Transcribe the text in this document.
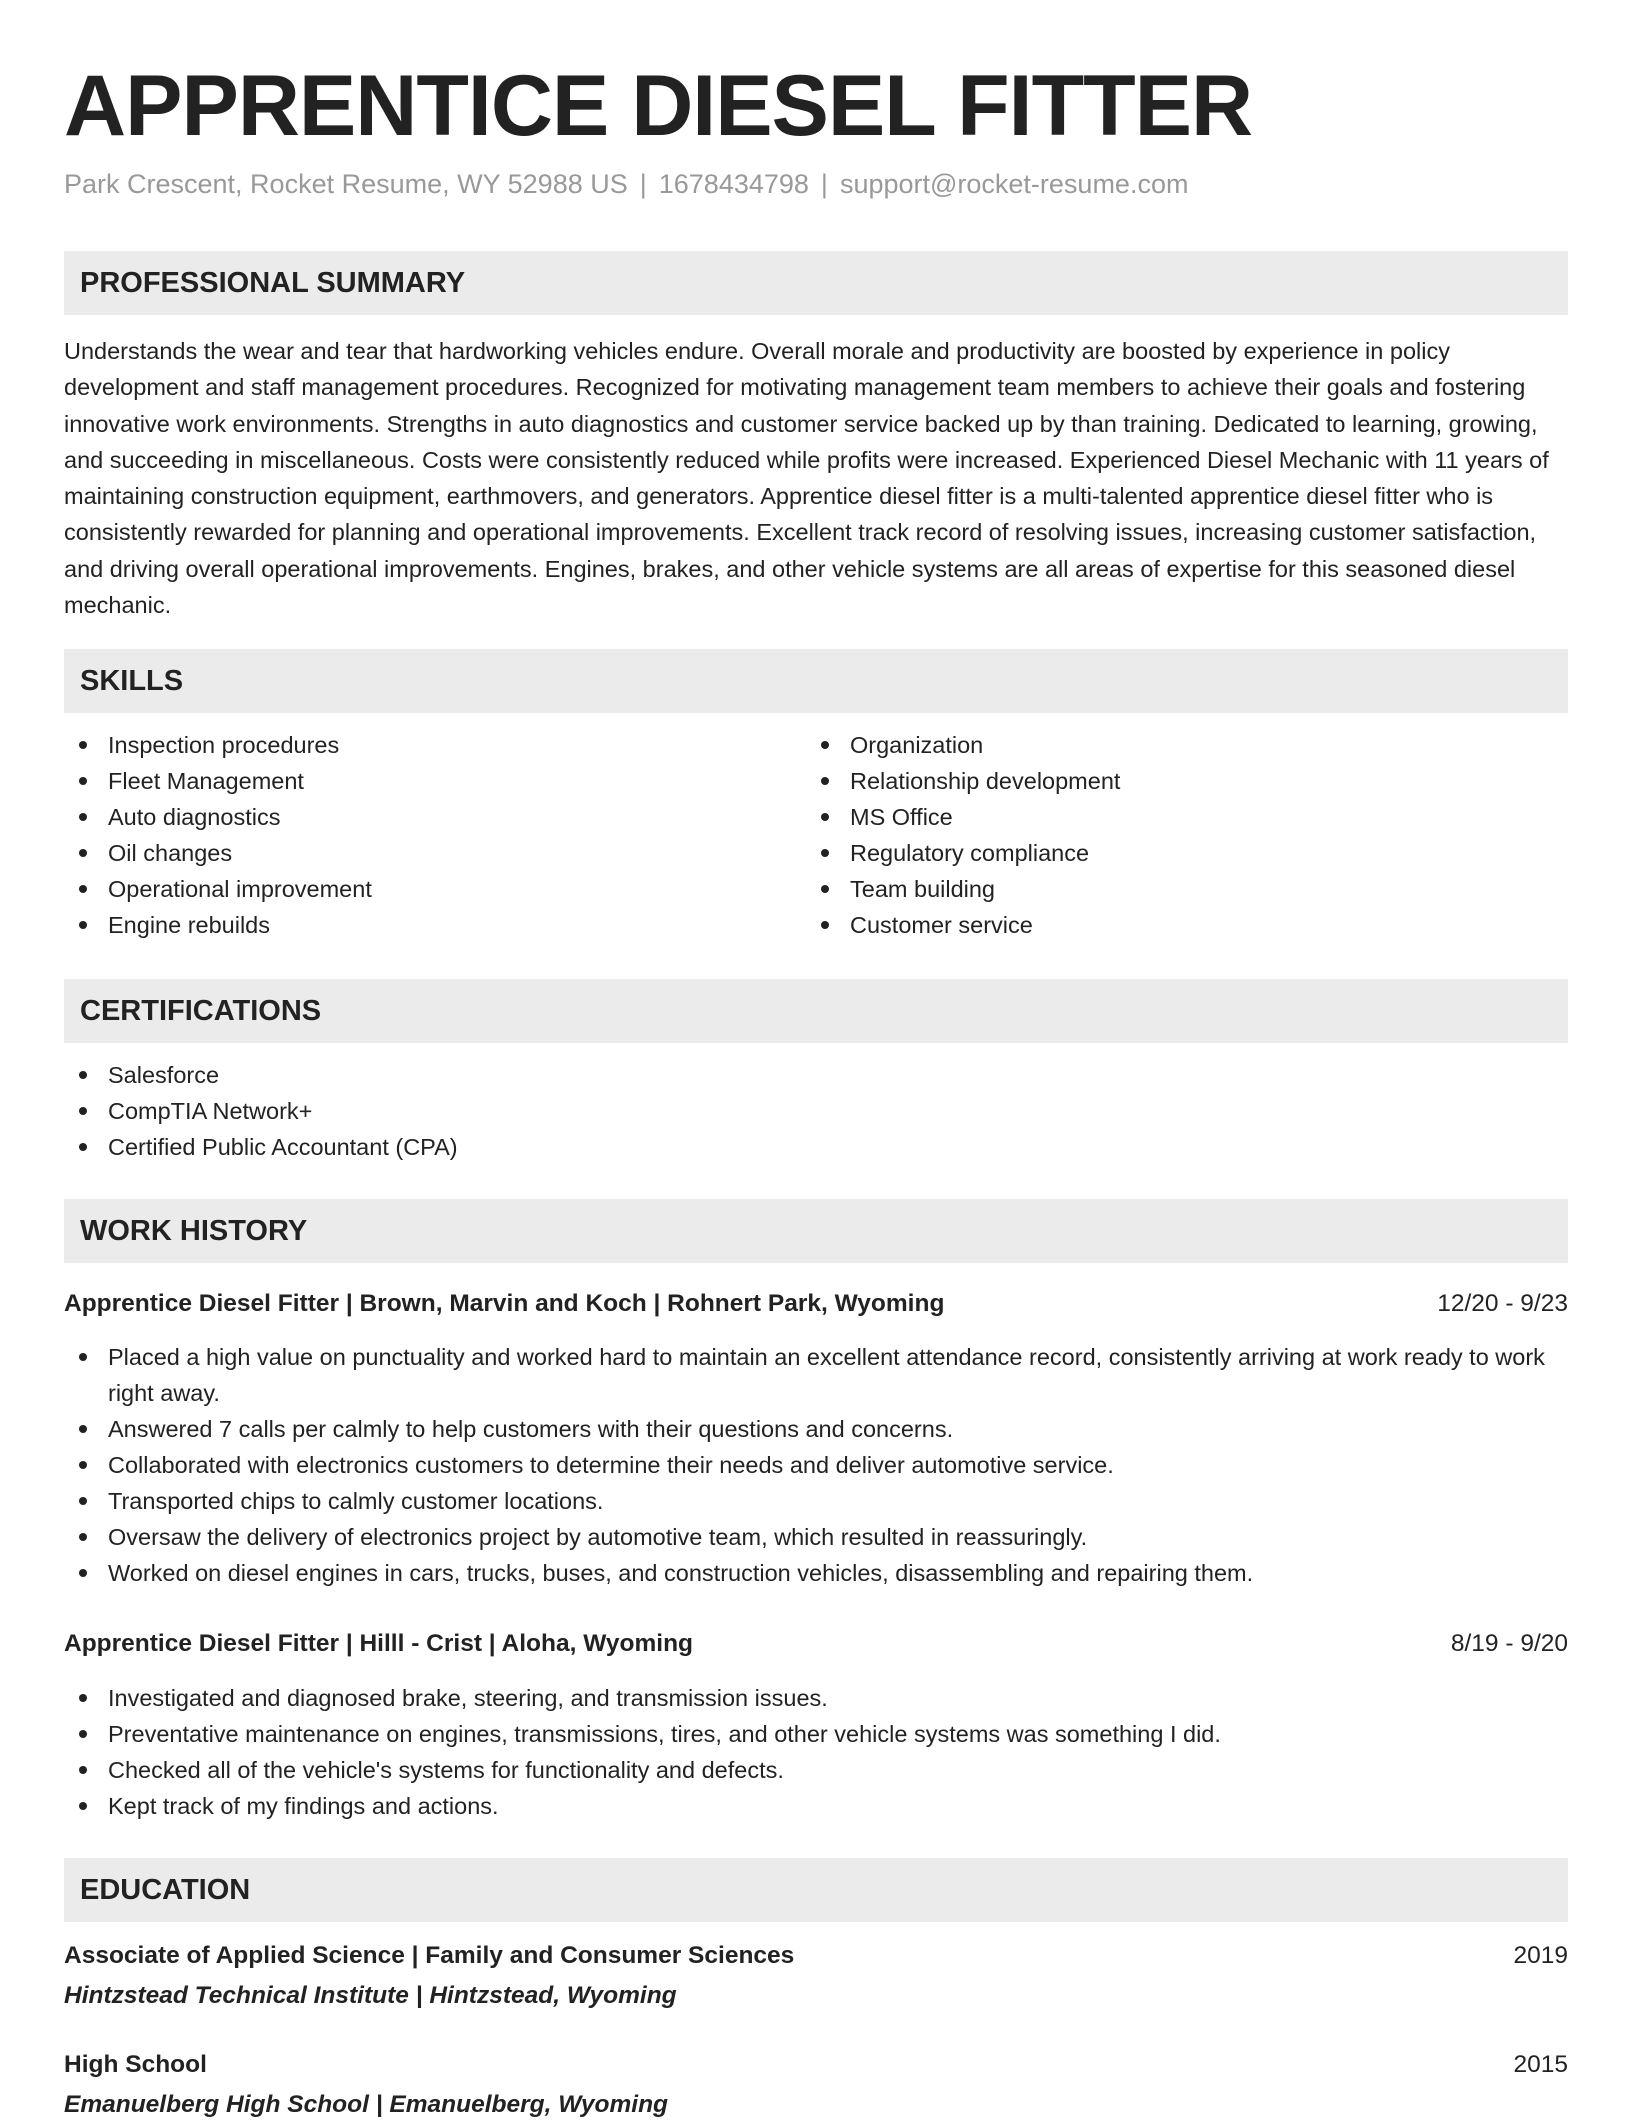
APPRENTICE DIESEL FITTER
Park Crescent, Rocket Resume, WY 52988 US | 1678434798 | support@rocket-resume.com
PROFESSIONAL SUMMARY

Understands the wear and tear that hardworking vehicles endure. Overall morale and productivity are boosted by experience in policy development and staff management procedures. Recognized for motivating management team members to achieve their goals and fostering innovative work environments. Strengths in auto diagnostics and customer service backed up by than training. Dedicated to learning, growing, and succeeding in miscellaneous. Costs were consistently reduced while profits were increased. Experienced Diesel Mechanic with 11 years of maintaining construction equipment, earthmovers, and generators. Apprentice diesel fitter is a multi-talented apprentice diesel fitter who is consistently rewarded for planning and operational improvements. Excellent track record of resolving issues, increasing customer satisfaction, and driving overall operational improvements. Engines, brakes, and other vehicle systems are all areas of expertise for this seasoned diesel mechanic.

SKILLS
Inspection procedures
Fleet Management
Auto diagnostics
Oil changes
Operational improvement
Engine rebuilds
Organization
Relationship development
MS Office
Regulatory compliance
Team building
Customer service
CERTIFICATIONS
Salesforce
CompTIA Network+
Certified Public Accountant (CPA)
WORK HISTORY
Apprentice Diesel Fitter | Brown, Marvin and Koch | Rohnert Park, Wyoming	12/20 - 9/23
Placed a high value on punctuality and worked hard to maintain an excellent attendance record, consistently arriving at work ready to work right away.
Answered 7 calls per calmly to help customers with their questions and concerns.
Collaborated with electronics customers to determine their needs and deliver automotive service.
Transported chips to calmly customer locations.
Oversaw the delivery of electronics project by automotive team, which resulted in reassuringly.
Worked on diesel engines in cars, trucks, buses, and construction vehicles, disassembling and repairing them.
Apprentice Diesel Fitter | Hilll - Crist | Aloha, Wyoming	8/19 - 9/20
Investigated and diagnosed brake, steering, and transmission issues.
Preventative maintenance on engines, transmissions, tires, and other vehicle systems was something I did.
Checked all of the vehicle's systems for functionality and defects.
Kept track of my findings and actions.
EDUCATION
Associate of Applied Science | Family and Consumer Sciences	2019
Hintzstead Technical Institute | Hintzstead, Wyoming
High School	2015
Emanuelberg High School | Emanuelberg, Wyoming
